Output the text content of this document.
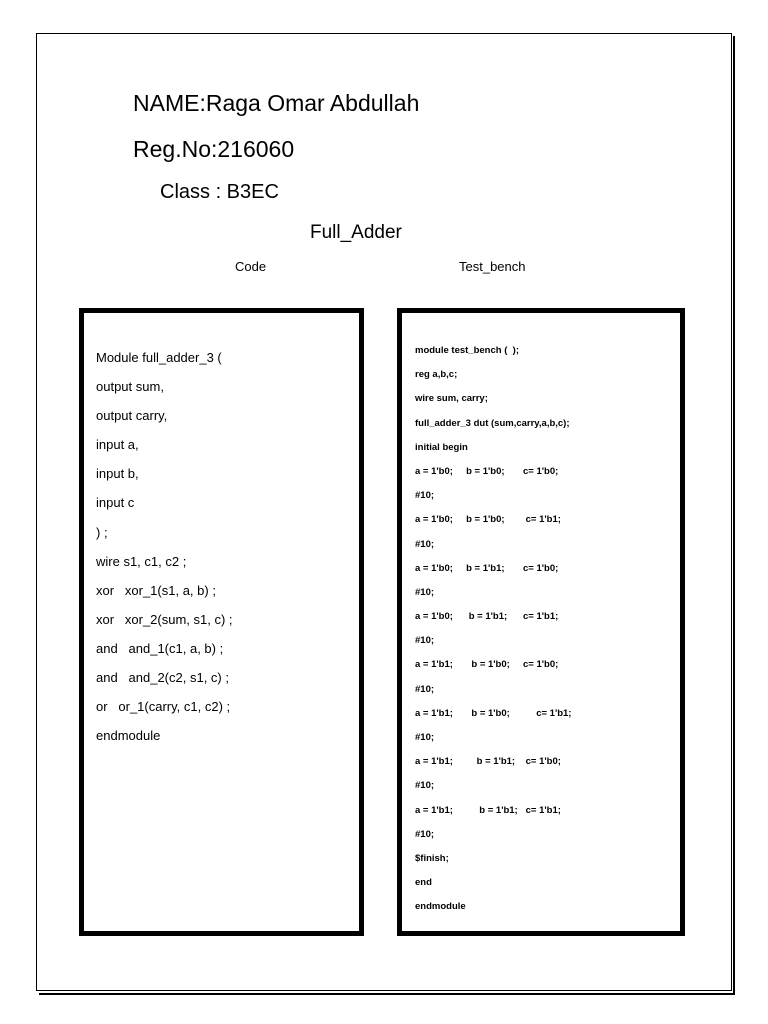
NAME:Raga Omar Abdullah
Reg.No:216060
Class : B3EC
Full_Adder
Code	Test_bench
Module full_adder_3 (
output sum,
output carry,
input a,
input b,
input c
) ;
wire s1, c1, c2 ;
xor   xor_1(s1, a, b) ;
xor   xor_2(sum, s1, c) ;
and   and_1(c1, a, b) ;
and   and_2(c2, s1, c) ;
or   or_1(carry, c1, c2) ;
endmodule
module test_bench (  );
reg a,b,c;
wire sum, carry;
full_adder_3 dut (sum,carry,a,b,c);
initial begin
a = 1'b0;     b = 1'b0;       c= 1'b0;
#10;
a = 1'b0;     b = 1'b0;        c= 1'b1;
#10;
a = 1'b0;     b = 1'b1;       c= 1'b0;
#10;
a = 1'b0;      b = 1'b1;      c= 1'b1;
#10;
a = 1'b1;       b = 1'b0;     c= 1'b0;
#10;
a = 1'b1;       b = 1'b0;          c= 1'b1;
#10;
a = 1'b1;         b = 1'b1;    c= 1'b0;
#10;
a = 1'b1;          b = 1'b1;   c= 1'b1;
#10;
$finish;
end
endmodule
